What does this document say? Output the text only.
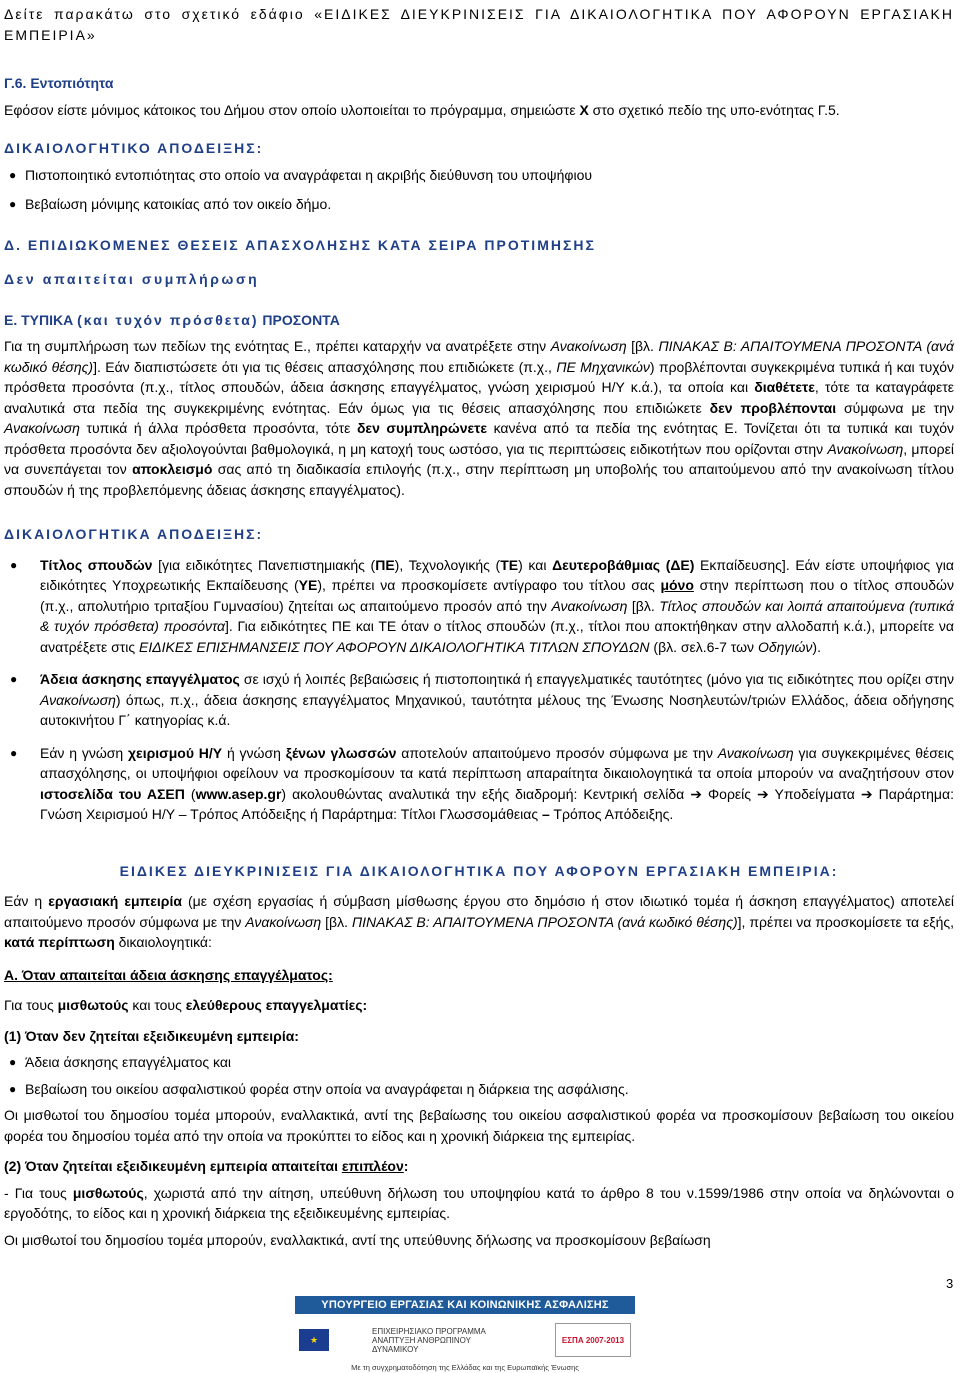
Δείτε παρακάτω στο σχετικό εδάφιο «ΕΙΔΙΚΕΣ ΔΙΕΥΚΡΙΝΙΣΕΙΣ ΓΙΑ ΔΙΚΑΙΟΛΟΓΗΤΙΚΑ ΠΟΥ ΑΦΟΡΟΥΝ ΕΡΓΑΣΙΑΚΗ ΕΜΠΕΙΡΙΑ»

Γ.6. Εντοπιότητα

Εφόσον είστε μόνιμος κάτοικος του Δήμου στον οποίο υλοποιείται το πρόγραμμα, σημειώστε Χ στο σχετικό πεδίο της υπο-ενότητας Γ.5.

ΔΙΚΑΙΟΛΟΓΗΤΙΚΟ ΑΠΟΔΕΙΞΗΣ:

● Πιστοποιητικό εντοπιότητας στο οποίο να αναγράφεται η ακριβής διεύθυνση του υποψήφιου
● Βεβαίωση μόνιμης κατοικίας από τον οικείο δήμο.

Δ. ΕΠΙΔΙΩΚΟΜΕΝΕΣ ΘΕΣΕΙΣ ΑΠΑΣΧΟΛΗΣΗΣ ΚΑΤΑ ΣΕΙΡΑ ΠΡΟΤΙΜΗΣΗΣ

Δεν απαιτείται συμπλήρωση

Ε. ΤΥΠΙΚΑ (και τυχόν πρόσθετα) ΠΡΟΣΟΝΤΑ

Για τη συμπλήρωση των πεδίων της ενότητας Ε., πρέπει καταρχήν να ανατρέξετε στην Ανακοίνωση [βλ. ΠΙΝΑΚΑΣ Β: ΑΠΑΙΤΟΥΜΕΝΑ ΠΡΟΣΟΝΤΑ (ανά κωδικό θέσης)]. Εάν διαπιστώσετε ότι για τις θέσεις απασχόλησης που επιδιώκετε (π.χ., ΠΕ Μηχανικών) προβλέπονται συγκεκριμένα τυπικά ή και τυχόν πρόσθετα προσόντα (π.χ., τίτλος σπουδών, άδεια άσκησης επαγγέλματος, γνώση χειρισμού Η/Υ κ.ά.), τα οποία και διαθέτετε, τότε τα καταγράφετε αναλυτικά στα πεδία της συγκεκριμένης ενότητας. Εάν όμως για τις θέσεις απασχόλησης που επιδιώκετε δεν προβλέπονται σύμφωνα με την Ανακοίνωση τυπικά ή άλλα πρόσθετα προσόντα, τότε δεν συμπληρώνετε κανένα από τα πεδία της ενότητας Ε. Τονίζεται ότι τα τυπικά και τυχόν πρόσθετα προσόντα δεν αξιολογούνται βαθμολογικά, η μη κατοχή τους ωστόσο, για τις περιπτώσεις ειδικοτήτων που ορίζονται στην Ανακοίνωση, μπορεί να συνεπάγεται τον αποκλεισμό σας από τη διαδικασία επιλογής (π.χ., στην περίπτωση μη υποβολής του απαιτούμενου από την ανακοίνωση τίτλου σπουδών ή της προβλεπόμενης άδειας άσκησης επαγγέλματος).

ΔΙΚΑΙΟΛΟΓΗΤΙΚΑ ΑΠΟΔΕΙΞΗΣ:

●	Τίτλος σπουδών [για ειδικότητες Πανεπιστημιακής (ΠΕ), Τεχνολογικής (ΤΕ) και Δευτεροβάθμιας (ΔΕ) Εκπαίδευσης]. Εάν είστε υποψήφιος για ειδικότητες Υποχρεωτικής Εκπαίδευσης (ΥΕ), πρέπει να προσκομίσετε αντίγραφο του τίτλου σας μόνο στην περίπτωση που ο τίτλος σπουδών (π.χ., απολυτήριο τριταξίου Γυμνασίου) ζητείται ως απαιτούμενο προσόν από την Ανακοίνωση [βλ. Τίτλος σπουδών και λοιπά απαιτούμενα (τυπικά & τυχόν πρόσθετα) προσόντα]. Για ειδικότητες ΠΕ και ΤΕ όταν ο τίτλος σπουδών (π.χ., τίτλοι που αποκτήθηκαν στην αλλοδαπή κ.ά.), μπορείτε να ανατρέξετε στις ΕΙΔΙΚΕΣ ΕΠΙΣΗΜΑΝΣΕΙΣ ΠΟΥ ΑΦΟΡΟΥΝ ΔΙΚΑΙΟΛΟΓΗΤΙΚΑ ΤΙΤΛΩΝ ΣΠΟΥΔΩΝ (βλ. σελ.6-7 των Οδηγιών).
●	Άδεια άσκησης επαγγέλματος σε ισχύ ή λοιπές βεβαιώσεις ή πιστοποιητικά ή επαγγελματικές ταυτότητες (μόνο για τις ειδικότητες που ορίζει στην Ανακοίνωση) όπως, π.χ., άδεια άσκησης επαγγέλματος Μηχανικού, ταυτότητα μέλους της Ένωσης Νοσηλευτών/τριών Ελλάδος, άδεια οδήγησης αυτοκινήτου Γ΄ κατηγορίας κ.ά.
●	Εάν η γνώση χειρισμού Η/Υ ή γνώση ξένων γλωσσών αποτελούν απαιτούμενο προσόν σύμφωνα με την Ανακοίνωση για συγκεκριμένες θέσεις απασχόλησης, οι υποψήφιοι οφείλουν να προσκομίσουν τα κατά περίπτωση απαραίτητα δικαιολογητικά τα οποία μπορούν να αναζητήσουν στον ιστοσελίδα του ΑΣΕΠ (www.asep.gr) ακολουθώντας αναλυτικά την εξής διαδρομή: Κεντρική σελίδα ➔ Φορείς ➔ Υποδείγματα ➔ Παράρτημα: Γνώση Χειρισμού Η/Υ – Τρόπος Απόδειξης ή Παράρτημα: Τίτλοι Γλωσσομάθειας – Τρόπος Απόδειξης.

ΕΙΔΙΚΕΣ ΔΙΕΥΚΡΙΝΙΣΕΙΣ ΓΙΑ ΔΙΚΑΙΟΛΟΓΗΤΙΚΑ ΠΟΥ ΑΦΟΡΟΥΝ ΕΡΓΑΣΙΑΚΗ ΕΜΠΕΙΡΙΑ:

Εάν η εργασιακή εμπειρία (με σχέση εργασίας ή σύμβαση μίσθωσης έργου στο δημόσιο ή στον ιδιωτικό τομέα ή άσκηση επαγγέλματος) αποτελεί απαιτούμενο προσόν σύμφωνα με την Ανακοίνωση [βλ. ΠΙΝΑΚΑΣ Β: ΑΠΑΙΤΟΥΜΕΝΑ ΠΡΟΣΟΝΤΑ (ανά κωδικό θέσης)], πρέπει να προσκομίσετε τα εξής, κατά περίπτωση δικαιολογητικά:

Α. Όταν απαιτείται άδεια άσκησης επαγγέλματος:

Για τους μισθωτούς και τους ελεύθερους επαγγελματίες:

(1) Όταν δεν ζητείται εξειδικευμένη εμπειρία:

● Άδεια άσκησης επαγγέλματος και
● Βεβαίωση του οικείου ασφαλιστικού φορέα στην οποία να αναγράφεται η διάρκεια της ασφάλισης.

Οι μισθωτοί του δημοσίου τομέα μπορούν, εναλλακτικά, αντί της βεβαίωσης του οικείου ασφαλιστικού φορέα να προσκομίσουν βεβαίωση του οικείου φορέα του δημοσίου τομέα από την οποία να προκύπτει το είδος και η χρονική διάρκεια της εμπειρίας.

(2) Όταν ζητείται εξειδικευμένη εμπειρία απαιτείται επιπλέον:

- Για τους μισθωτούς, χωριστά από την αίτηση, υπεύθυνη δήλωση του υποψηφίου κατά το άρθρο 8 του ν.1599/1986 στην οποία να δηλώνονται ο εργοδότης, το είδος και η χρονική διάρκεια της εξειδικευμένης εμπειρίας.

Οι μισθωτοί του δημοσίου τομέα μπορούν, εναλλακτικά, αντί της υπεύθυνης δήλωσης να προσκομίσουν βεβαίωση

3
ΥΠΟΥΡΓΕΙΟ ΕΡΓΑΣΙΑΣ ΚΑΙ ΚΟΙΝΩΝΙΚΗΣ ΑΣΦΑΛΙΣΗΣ
★
ΕΠΙΧΕΙΡΗΣΙΑΚΟ ΠΡΟΓΡΑΜΜΑ ΑΝΑΠΤΥΞΗ ΑΝΘΡΩΠΙΝΟΥ ΔΥΝΑΜΙΚΟΥ
ΕΣΠΑ 2007-2013
Με τη συγχρηματοδότηση της Ελλάδας και της Ευρωπαϊκής Ένωσης
